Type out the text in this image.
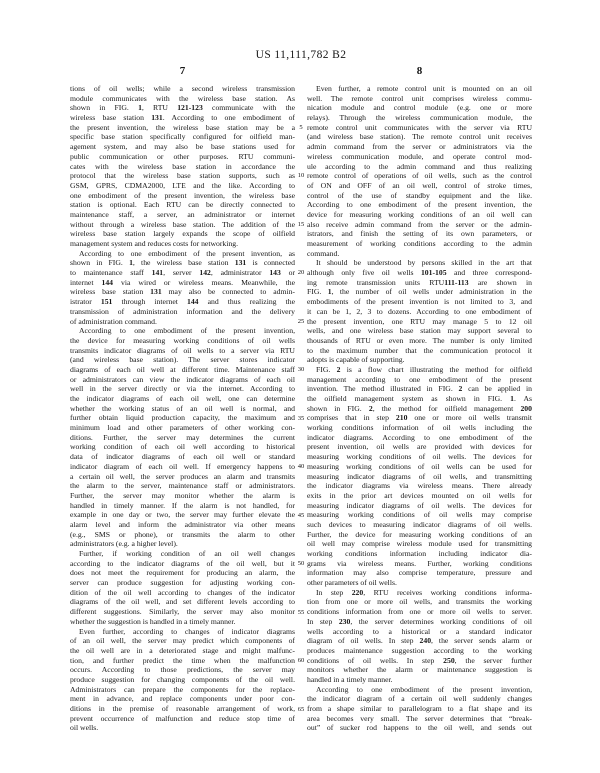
US 11,111,782 B2
7	8
tions of oil wells; while a second wireless transmission
module communicates with the wireless base station. As
shown in FIG. 1, RTU 121-123 communicate with the
wireless base station 131. According to one embodiment of
the present invention, the wireless base station may be a
specific base station specifically configured for oilfield man-
agement system, and may also be base stations used for
public communication or other purposes. RTU communi-
cates with the wireless base station in accordance the
protocol that the wireless base station supports, such as
GSM, GPRS, CDMA2000, LTE and the like. According to
one embodiment of the present invention, the wireless base
station is optional. Each RTU can be directly connected to
maintenance staff, a server, an administrator or internet
without through a wireless base station. The addition of the
wireless base station largely expands the scope of oilfield
management system and reduces costs for networking.
According to one embodiment of the present invention, as
shown in FIG. 1, the wireless base station 131 is connected
to maintenance staff 141, server 142, administrator 143 or
internet 144 via wired or wireless means. Meanwhile, the
wireless base station 131 may also be connected to admin-
istrator 151 through internet 144 and thus realizing the
transmission of administration information and the delivery
of administration command.
According to one embodiment of the present invention,
the device for measuring working conditions of oil wells
transmits indicator diagrams of oil wells to a server via RTU
(and wireless base station). The server stores indicator
diagrams of each oil well at different time. Maintenance staff
or administrators can view the indicator diagrams of each oil
well in the server directly or via the internet. According to
the indicator diagrams of each oil well, one can determine
whether the working status of an oil well is normal, and
further obtain liquid production capacity, the maximum and
minimum load and other parameters of other working con-
ditions. Further, the server may determines the current
working condition of each oil well according to historical
data of indicator diagrams of each oil well or standard
indicator diagram of each oil well. If emergency happens to
a certain oil well, the server produces an alarm and transmits
the alarm to the server, maintenance staff or administrators.
Further, the server may monitor whether the alarm is
handled in timely manner. If the alarm is not handled, for
example in one day or two, the server may further elevate the
alarm level and inform the administrator via other means
(e.g., SMS or phone), or transmits the alarm to other
administrators (e.g. a higher level).
Further, if working condition of an oil well changes
according to the indicator diagrams of the oil well, but it
does not meet the requirement for producing an alarm, the
server can produce suggestion for adjusting working con-
dition of the oil well according to changes of the indicator
diagrams of the oil well, and set different levels according to
different suggestions. Similarly, the server may also monitor
whether the suggestion is handled in a timely manner.
Even further, according to changes of indicator diagrams
of an oil well, the server may predict which components of
the oil well are in a deteriorated stage and might malfunc-
tion, and further predict the time when the malfunction
occurs. According to those predictions, the server may
produce suggestion for changing components of the oil well.
Administrators can prepare the components for the replace-
ment in advance, and replace components under poor con-
ditions in the premise of reasonable arrangement of work,
prevent occurrence of malfunction and reduce stop time of
oil wells.
5
10
15
20
25
30
35
40
45
50
55
60
65
Even further, a remote control unit is mounted on an oil
well. The remote control unit comprises wireless commu-
nication module and control module (e.g. one or more
relays). Through the wireless communication module, the
remote control unit communicates with the server via RTU
(and wireless base station). The remote control unit receives
admin command from the server or administrators via the
wireless communication module, and operate control mod-
ule according to the admin command and thus realizing
remote control of operations of oil wells, such as the control
of ON and OFF of an oil well, control of stroke times,
control of the use of standby equipment and the like.
According to one embodiment of the present invention, the
device for measuring working conditions of an oil well can
also receive admin command from the server or the admin-
istrators, and finish the setting of its own parameters, or
measurement of working conditions according to the admin
command.
It should be understood by persons skilled in the art that
although only five oil wells 101-105 and three correspond-
ing remote transmission units RTU111-113 are shown in
FIG. 1, the number of oil wells under administration in the
embodiments of the present invention is not limited to 3, and
it can be 1, 2, 3 to dozens. According to one embodiment of
the present invention, one RTU may manage 5 to 12 oil
wells, and one wireless base station may support several to
thousands of RTU or even more. The number is only limited
to the maximum number that the communication protocol it
adopts is capable of supporting.
FIG. 2 is a flow chart illustrating the method for oilfield
management according to one embodiment of the present
invention. The method illustrated in FIG. 2 can be applied in
the oilfield management system as shown in FIG. 1. As
shown in FIG. 2, the method for oilfield management 200
comprises that in step 210 one or more oil wells transmit
working conditions information of oil wells including the
indicator diagrams. According to one embodiment of the
present invention, oil wells are provided with devices for
measuring working conditions of oil wells. The devices for
measuring working conditions of oil wells can be used for
measuring indicator diagrams of oil wells, and transmitting
the indicator diagrams via wireless means. There already
exits in the prior art devices mounted on oil wells for
measuring indicator diagrams of oil wells. The devices for
measuring working conditions of oil wells may comprise
such devices to measuring indicator diagrams of oil wells.
Further, the device for measuring working conditions of an
oil well may comprise wireless module used for transmitting
working conditions information including indicator dia-
grams via wireless means. Further, working conditions
information may also comprise temperature, pressure and
other parameters of oil wells.
In step 220, RTU receives working conditions informa-
tion from one or more oil wells, and transmits the working
conditions information from one or more oil wells to server.
In step 230, the server determines working conditions of oil
wells according to a historical or a standard indicator
diagram of oil wells. In step 240, the server sends alarm or
produces maintenance suggestion according to the working
conditions of oil wells. In step 250, the server further
monitors whether the alarm or maintenance suggestion is
handled in a timely manner.
According to one embodiment of the present invention,
the indicator diagram of a certain oil well suddenly changes
from a shape similar to parallelogram to a flat shape and its
area becomes very small. The server determines that “break-
out” of sucker rod happens to the oil well, and sends out
